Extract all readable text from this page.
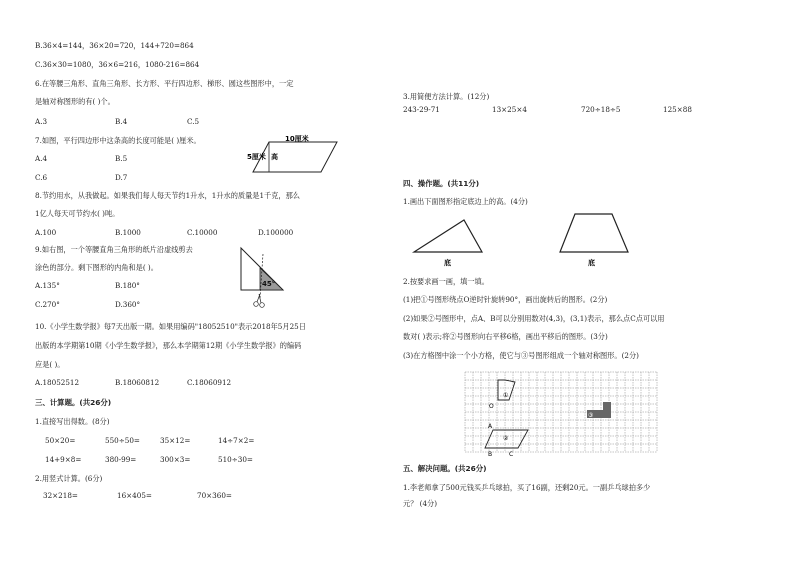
B.36×4=144，36×20=720，144+720=864
C.36×30=1080，36×6=216，1080-216=864
6.在等腰三角形、直角三角形、长方形、平行四边形、梯形、圆这些图形中，一定
是轴对称图形的有( )个。
A.3	B.4	C.5
7.如图，平行四边形中这条高的长度可能是( )厘米。
A.4	B.5
C.6	D.7
10厘米
5厘米 高
8.节约用水，从我做起。如果我们每人每天节约1升水，1升水的质量是1千克，那么
1亿人每天可节约水( )吨。
A.100	B.1000	C.10000	D.100000
9.如右图，一个等腰直角三角形的纸片沿虚线剪去
涂色的部分。剩下图形的内角和是( )。
A.135°	B.180°
C.270°	D.360°
45°
10.《小学生数学报》每7天出版一期。如果用编码"18052510"表示2018年5月25日
出版的本学期第10期《小学生数学报》，那么本学期第12期《小学生数学报》的编码
应是( )。
A.18052512	B.18060812	C.18060912
三、计算题。(共26分)
1.直接写出得数。(8分)
50×20=	550÷50=	35×12=	14÷7×2=
14+9×8=	380-99=	300×3=	510÷30=
2.用竖式计算。(6分)
32×218=	16×405=	70×360=
3.用简便方法计算。(12分)
243-29-71	13×25×4	720÷18÷5	125×88
四、操作题。(共11分)
1.画出下面图形指定底边上的高。(4分)
底	底
2.按要求画一画，填一填。
(1)把①号图形绕点O逆时针旋转90°，画出旋转后的图形。(2分)
(2)如果②号图形中，点A、B可以分别用数对(4,3)，(3,1)表示，那么点C点可以用
数对( )表示;将②号图形向右平移6格，画出平移后的图形。(3分)
(3)在方格图中涂一个小方格，使它与③号图形组成一个轴对称图形。(2分)
①
O
②
A
B	C
③
五、解决问题。(共26分)
1.李老师拿了500元钱买乒乓球拍，买了16副，还剩20元。一副乒乓球拍多少
元？ (4分)
